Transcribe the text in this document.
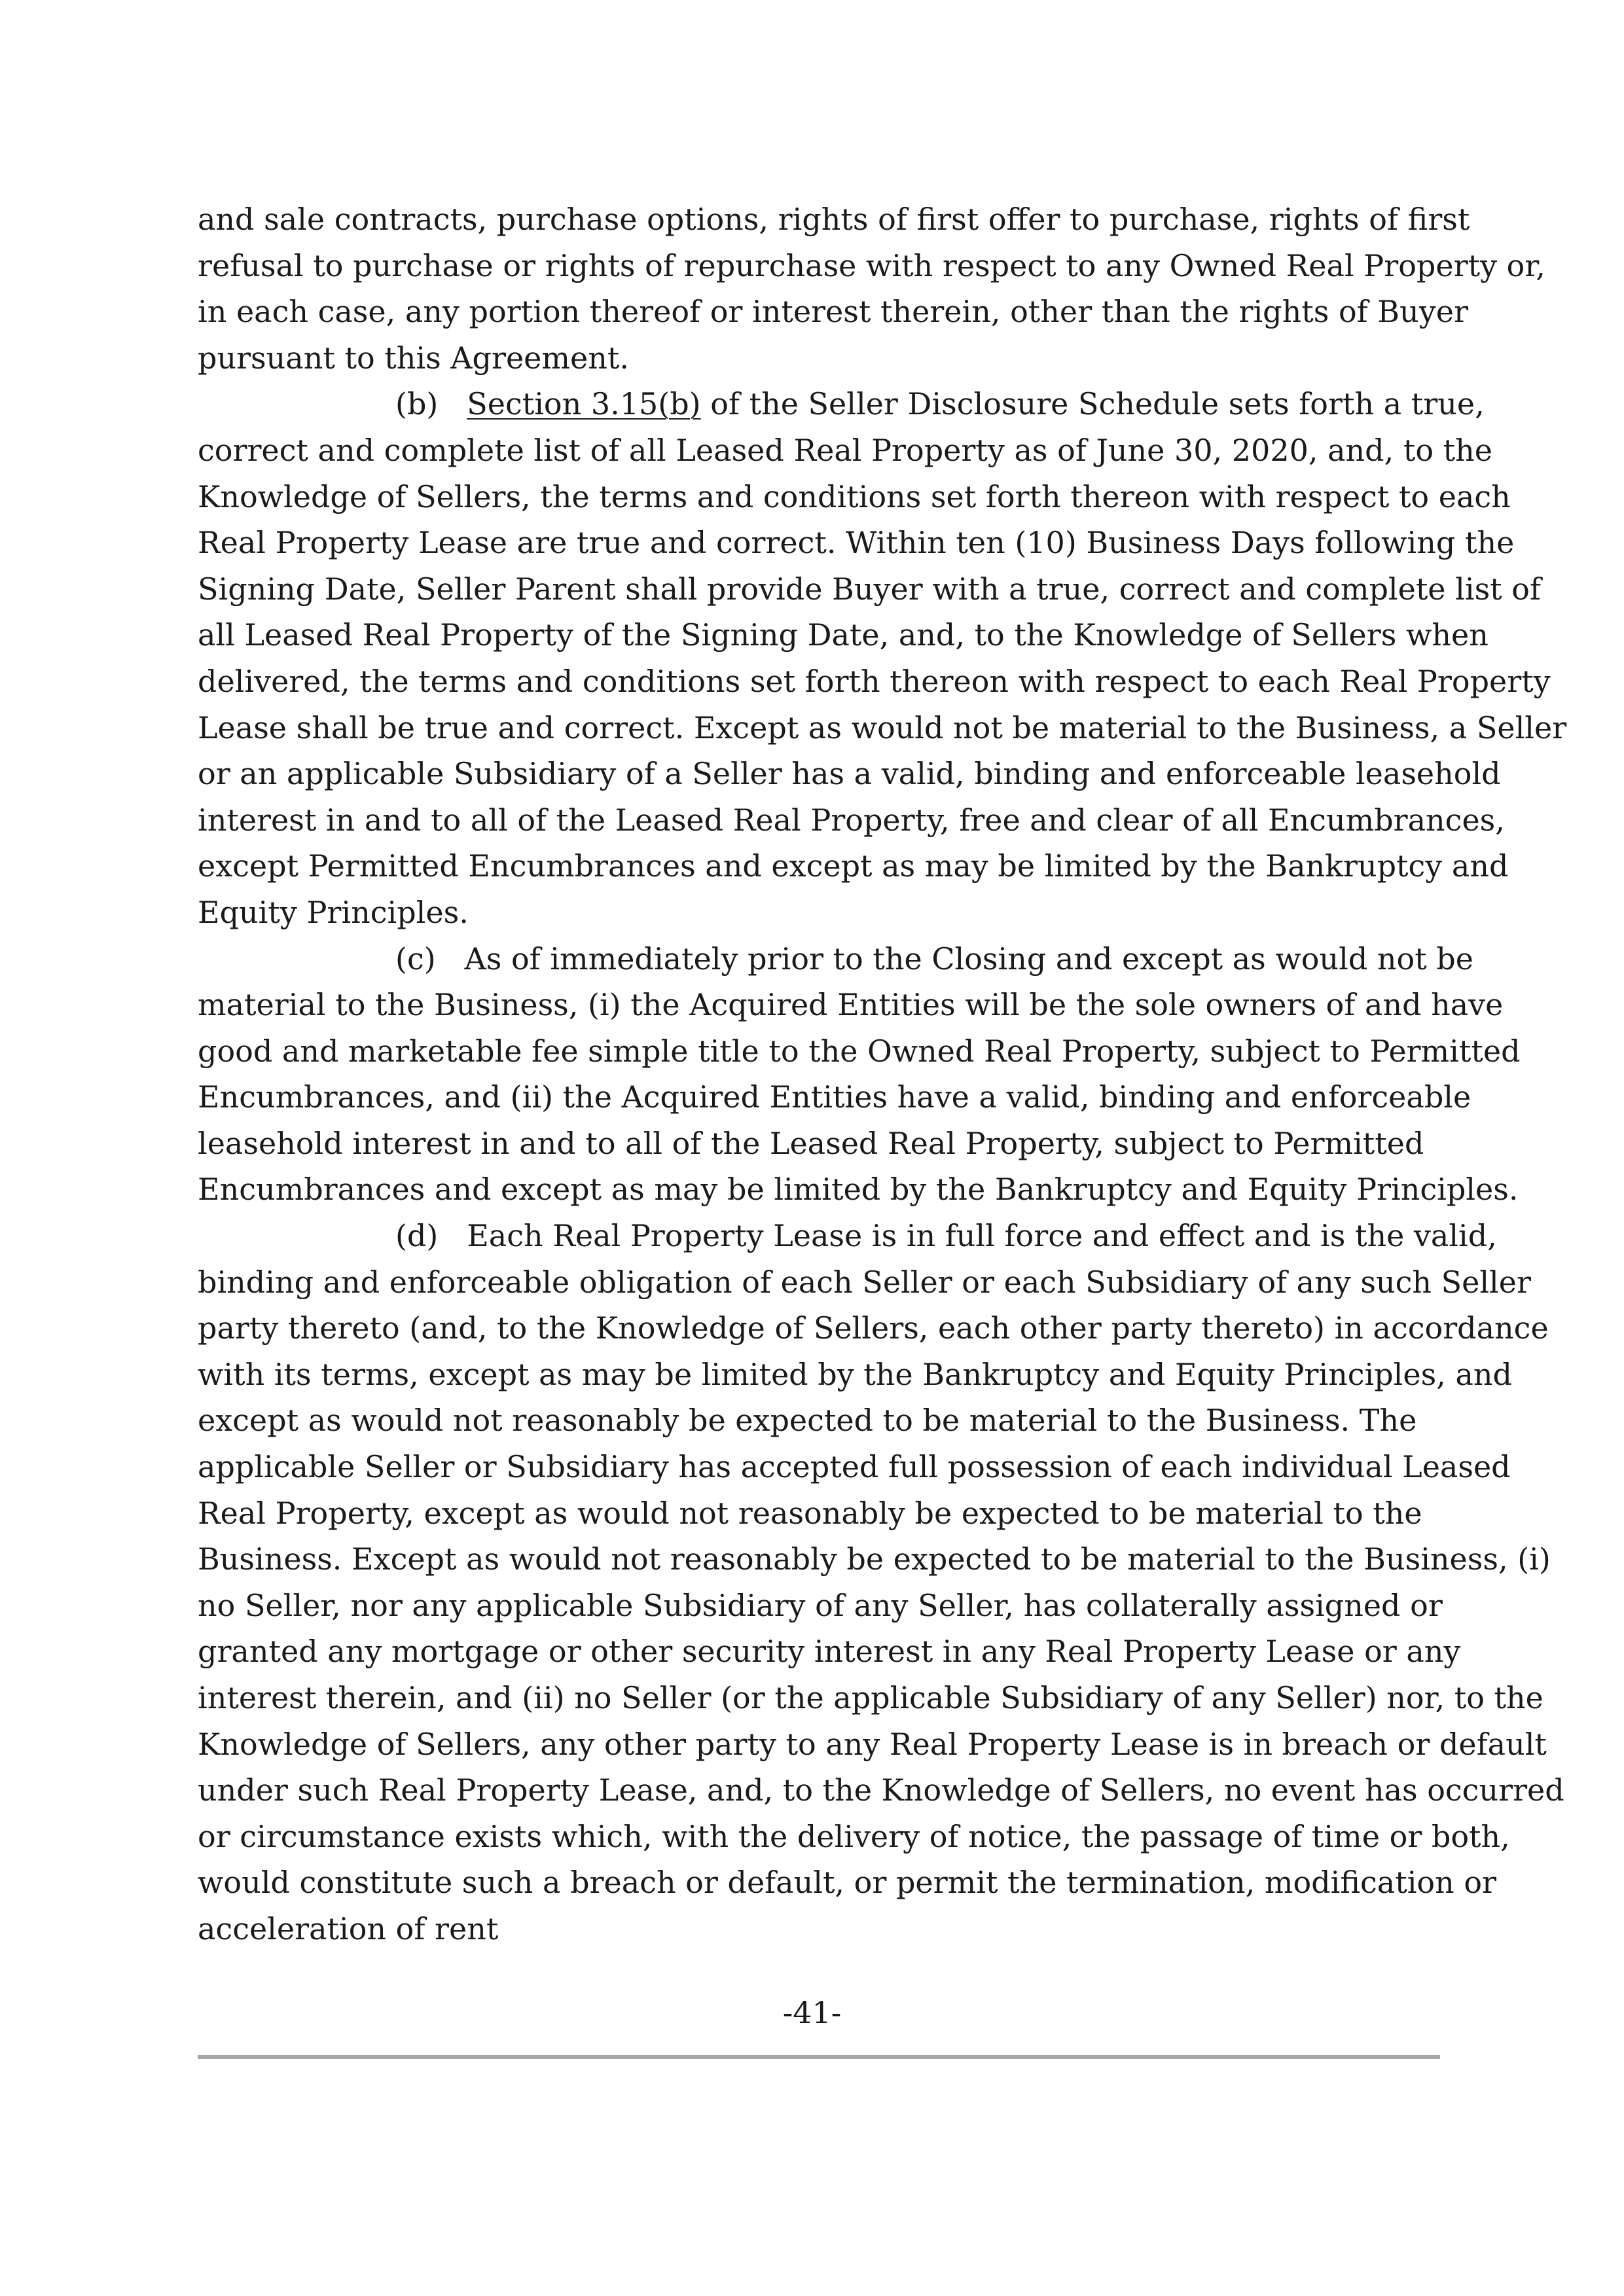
and sale contracts, purchase options, rights of first offer to purchase, rights of first
refusal to purchase or rights of repurchase with respect to any Owned Real Property or,
in each case, any portion thereof or interest therein, other than the rights of Buyer
pursuant to this Agreement.
(b) Section 3.15(b) of the Seller Disclosure Schedule sets forth a true,
correct and complete list of all Leased Real Property as of June 30, 2020, and, to the
Knowledge of Sellers, the terms and conditions set forth thereon with respect to each
Real Property Lease are true and correct. Within ten (10) Business Days following the
Signing Date, Seller Parent shall provide Buyer with a true, correct and complete list of
all Leased Real Property of the Signing Date, and, to the Knowledge of Sellers when
delivered, the terms and conditions set forth thereon with respect to each Real Property
Lease shall be true and correct. Except as would not be material to the Business, a Seller
or an applicable Subsidiary of a Seller has a valid, binding and enforceable leasehold
interest in and to all of the Leased Real Property, free and clear of all Encumbrances,
except Permitted Encumbrances and except as may be limited by the Bankruptcy and
Equity Principles.
(c) As of immediately prior to the Closing and except as would not be
material to the Business, (i) the Acquired Entities will be the sole owners of and have
good and marketable fee simple title to the Owned Real Property, subject to Permitted
Encumbrances, and (ii) the Acquired Entities have a valid, binding and enforceable
leasehold interest in and to all of the Leased Real Property, subject to Permitted
Encumbrances and except as may be limited by the Bankruptcy and Equity Principles.
(d) Each Real Property Lease is in full force and effect and is the valid,
binding and enforceable obligation of each Seller or each Subsidiary of any such Seller
party thereto (and, to the Knowledge of Sellers, each other party thereto) in accordance
with its terms, except as may be limited by the Bankruptcy and Equity Principles, and
except as would not reasonably be expected to be material to the Business. The
applicable Seller or Subsidiary has accepted full possession of each individual Leased
Real Property, except as would not reasonably be expected to be material to the
Business. Except as would not reasonably be expected to be material to the Business, (i)
no Seller, nor any applicable Subsidiary of any Seller, has collaterally assigned or
granted any mortgage or other security interest in any Real Property Lease or any
interest therein, and (ii) no Seller (or the applicable Subsidiary of any Seller) nor, to the
Knowledge of Sellers, any other party to any Real Property Lease is in breach or default
under such Real Property Lease, and, to the Knowledge of Sellers, no event has occurred
or circumstance exists which, with the delivery of notice, the passage of time or both,
would constitute such a breach or default, or permit the termination, modification or
acceleration of rent
-41-
